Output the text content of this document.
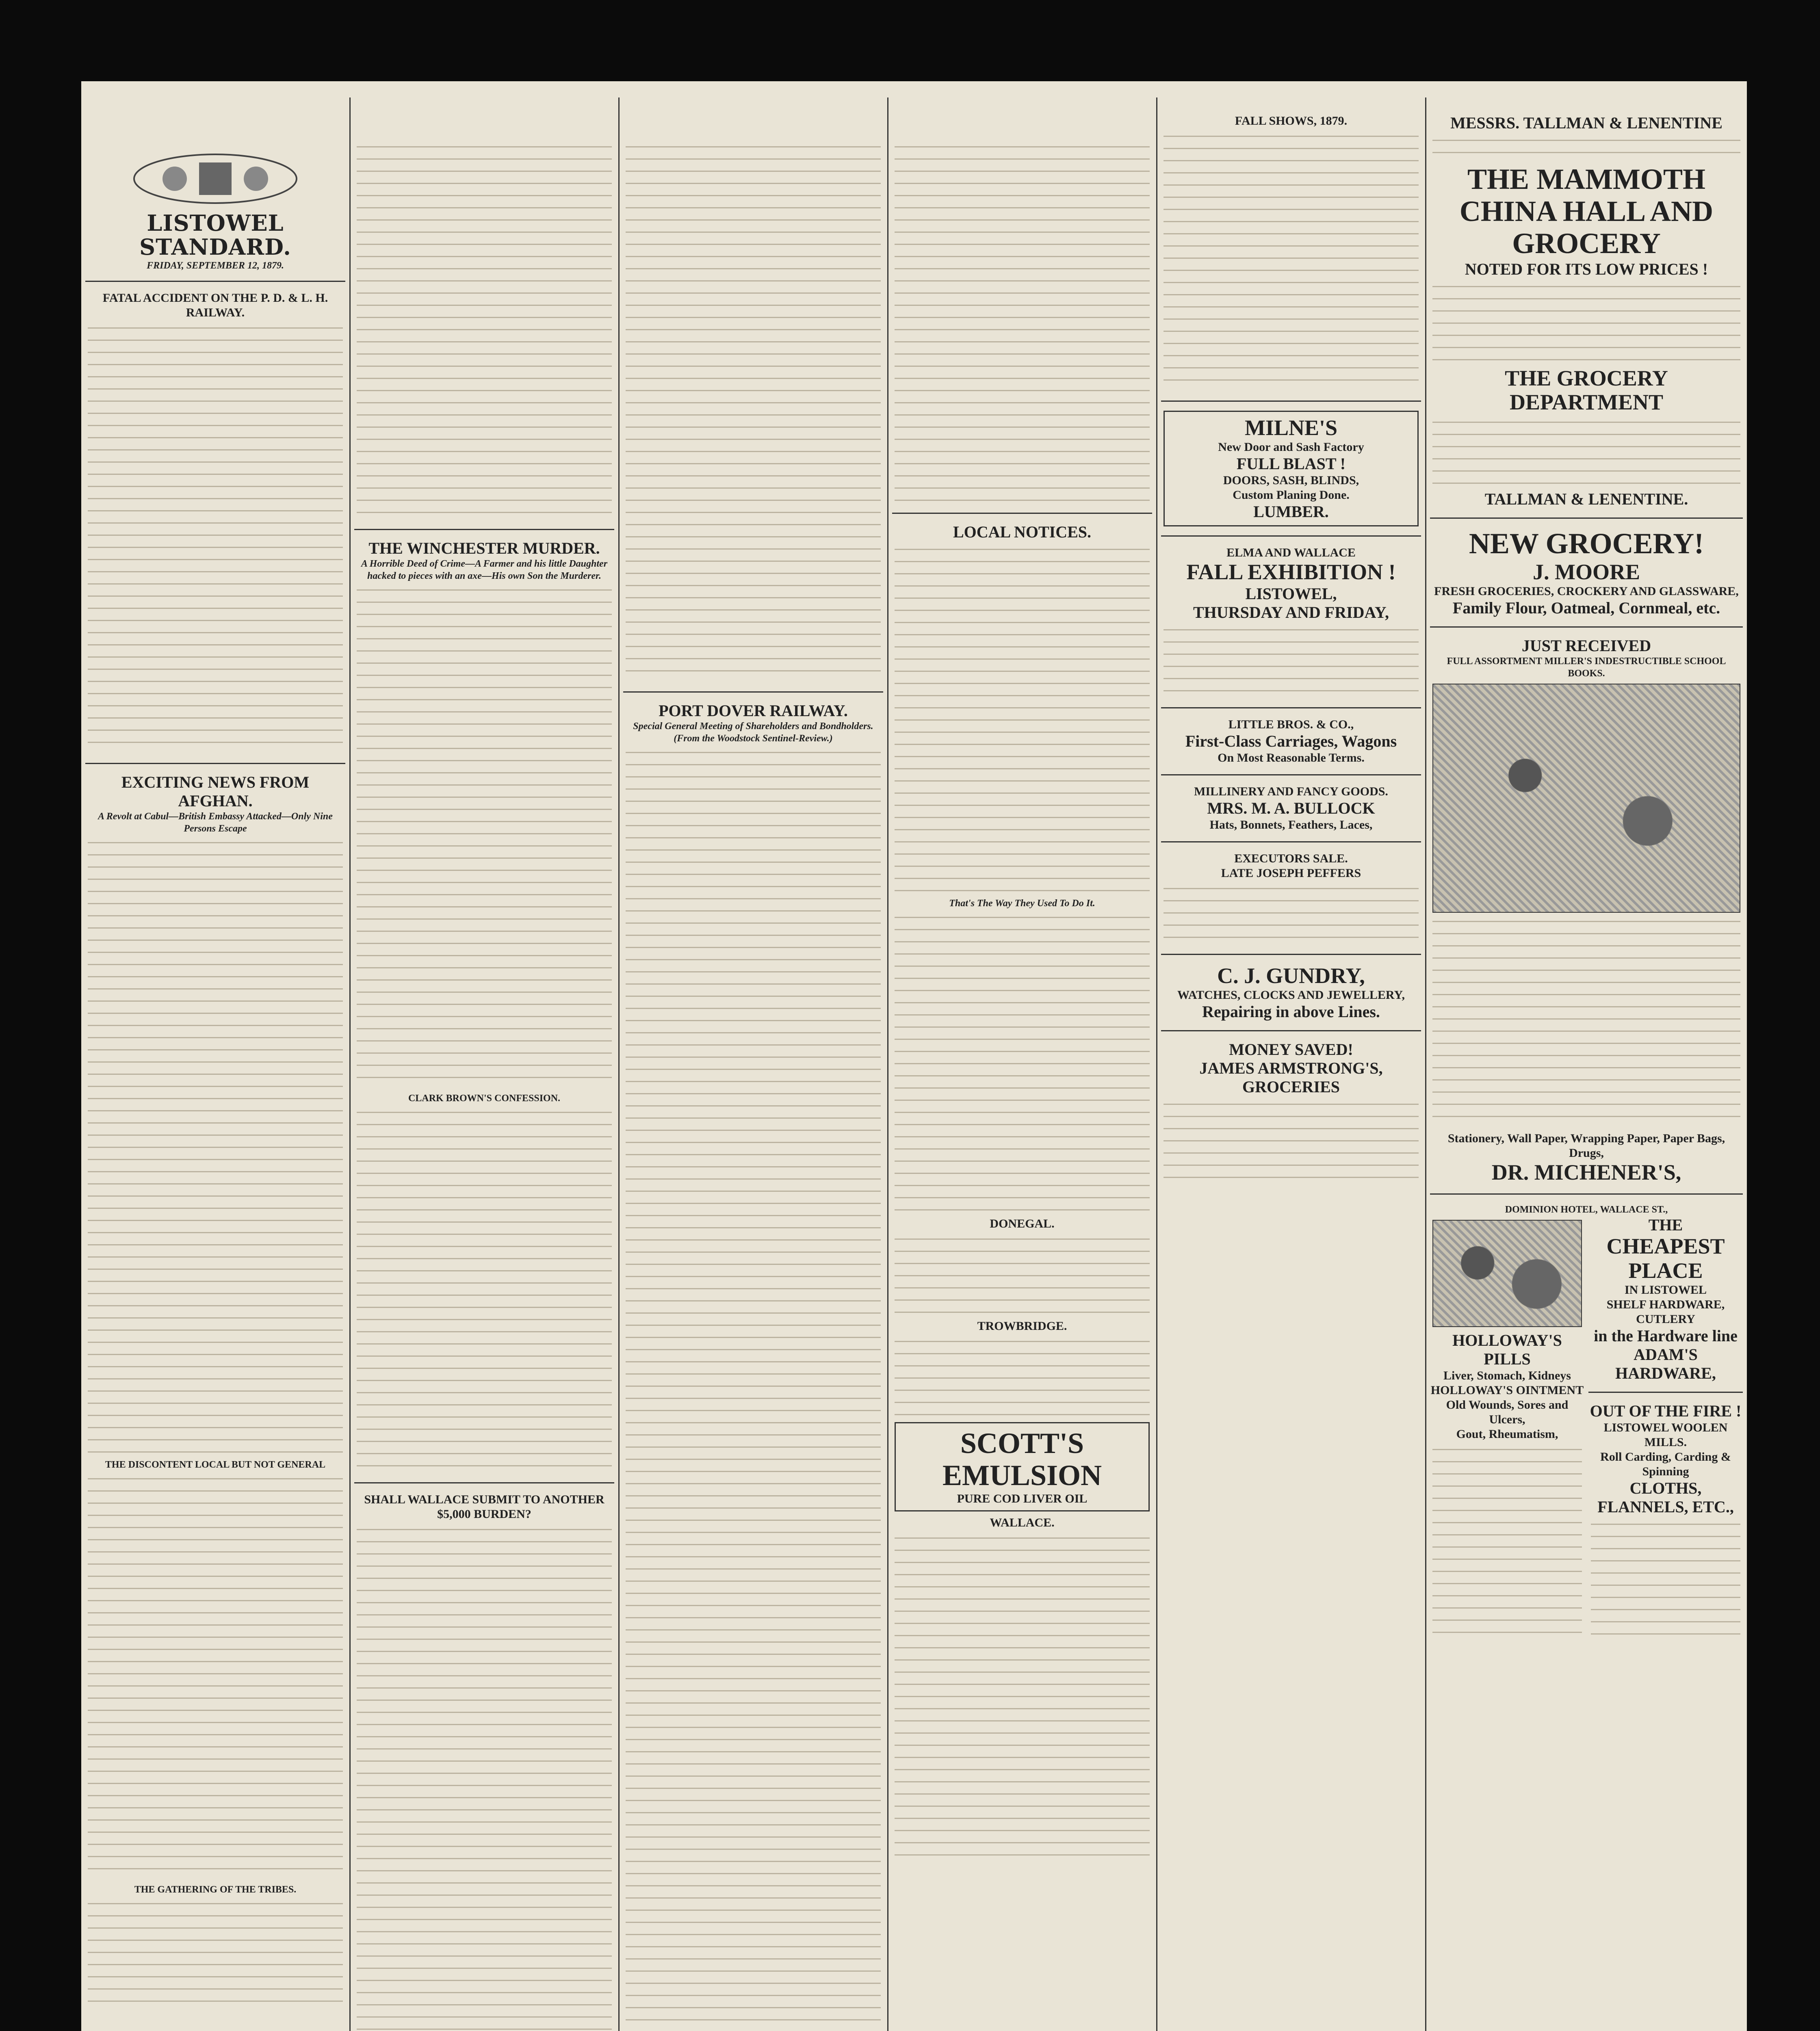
LISTOWEL STANDARD.
FRIDAY, SEPTEMBER 12, 1879.
FATAL ACCIDENT ON THE P. D. & L. H. RAILWAY.
EXCITING NEWS FROM AFGHAN.
A Revolt at Cabul—British Embassy Attacked—Only Nine Persons Escape
THE DISCONTENT LOCAL BUT NOT GENERAL
THE GATHERING OF THE TRIBES.
THE WINCHESTER MURDER.
A Horrible Deed of Crime—A Farmer and his little Daughter hacked to pieces with an axe—His own Son the Murderer.
CLARK BROWN'S CONFESSION.
SHALL WALLACE SUBMIT TO ANOTHER $5,000 BURDEN?
PORT DOVER RAILWAY.
Special General Meeting of Shareholders and Bondholders.
(From the Woodstock Sentinel-Review.)
LOCAL NOTICES.
That's The Way They Used To Do It.
DONEGAL.
TROWBRIDGE.
SCOTT'S
EMULSION
PURE COD LIVER OIL
WALLACE.
FALL SHOWS, 1879.
MILNE'S
New Door and Sash Factory
FULL BLAST !
DOORS, SASH, BLINDS,
Custom Planing Done.
LUMBER.
ELMA AND WALLACE
FALL EXHIBITION !
LISTOWEL,
THURSDAY AND FRIDAY,
LITTLE BROS. & CO.,
First-Class Carriages, Wagons
On Most Reasonable Terms.
MILLINERY AND FANCY GOODS.
MRS. M. A. BULLOCK
Hats, Bonnets, Feathers, Laces,
EXECUTORS SALE.
LATE JOSEPH PEFFERS
C. J. GUNDRY,
WATCHES, CLOCKS AND JEWELLERY,
Repairing in above Lines.
MONEY SAVED!
JAMES ARMSTRONG'S,
GROCERIES
MESSRS. TALLMAN & LENENTINE
THE MAMMOTH
CHINA HALL AND GROCERY
NOTED FOR ITS LOW PRICES !
THE GROCERY DEPARTMENT
TALLMAN & LENENTINE.
NEW GROCERY!
J. MOORE
FRESH GROCERIES, CROCKERY AND GLASSWARE,
Family Flour, Oatmeal, Cornmeal, etc.
JUST RECEIVED
FULL ASSORTMENT MILLER'S INDESTRUCTIBLE SCHOOL BOOKS.
Stationery, Wall Paper, Wrapping Paper, Paper Bags, Drugs,
DR. MICHENER'S,
DOMINION HOTEL, WALLACE ST.,
HOLLOWAY'S PILLS
Liver, Stomach, Kidneys
HOLLOWAY'S OINTMENT
Old Wounds, Sores and Ulcers,
Gout, Rheumatism,
THE
CHEAPEST PLACE
IN LISTOWEL
SHELF HARDWARE, CUTLERY
in the Hardware line
ADAM'S HARDWARE,
OUT OF THE FIRE !
LISTOWEL WOOLEN MILLS.
Roll Carding, Carding & Spinning
CLOTHS, FLANNELS, ETC.,
